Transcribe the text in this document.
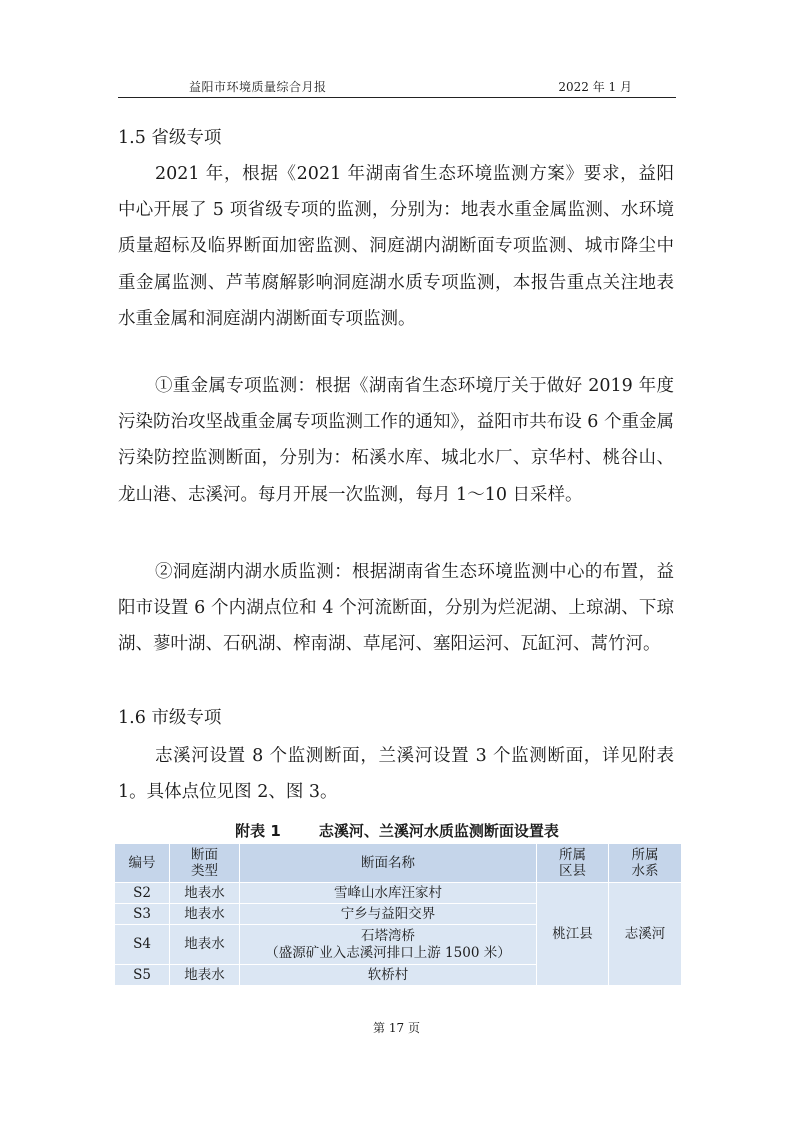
益阳市环境质量综合月报	2022 年 1 月
1.5 省级专项

2021 年，根据《2021 年湖南省生态环境监测方案》要求，益阳中心开展了 5 项省级专项的监测，分别为：地表水重金属监测、水环境质量超标及临界断面加密监测、洞庭湖内湖断面专项监测、城市降尘中重金属监测、芦苇腐解影响洞庭湖水质专项监测，本报告重点关注地表水重金属和洞庭湖内湖断面专项监测。

①重金属专项监测：根据《湖南省生态环境厅关于做好 2019 年度污染防治攻坚战重金属专项监测工作的通知》，益阳市共布设 6 个重金属污染防控监测断面，分别为：柘溪水库、城北水厂、京华村、桃谷山、龙山港、志溪河。每月开展一次监测，每月 1～10 日采样。

②洞庭湖内湖水质监测：根据湖南省生态环境监测中心的布置，益阳市设置 6 个内湖点位和 4 个河流断面，分别为烂泥湖、上琼湖、下琼湖、蓼叶湖、石矾湖、榨南湖、草尾河、塞阳运河、瓦缸河、蒿竹河。

1.6 市级专项

志溪河设置 8 个监测断面，兰溪河设置 3 个监测断面，详见附表 1。具体点位见图 2、图 3。

附表 1	志溪河、兰溪河水质监测断面设置表
编号	断面类型	断面名称	所属区县	所属水系
S2	地表水	雪峰山水库汪家村	桃江县	志溪河
S3	地表水	宁乡与益阳交界		
S4	地表水	石塔湾桥
（盛源矿业入志溪河排口上游 1500 米）		

S5	地表水	软桥村		
第 17 页
